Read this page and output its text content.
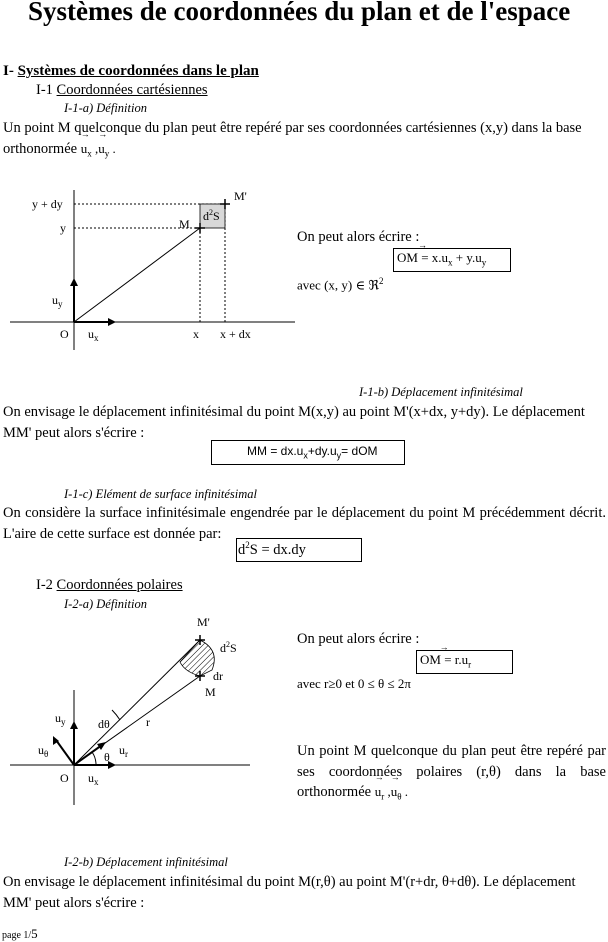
Systèmes de coordonnées du plan et de l'espace
I- Systèmes de coordonnées dans le plan
I-1 Coordonnées cartésiennes
I-1-a) Définition
Un point M quelconque du plan peut être repéré par ses coordonnées cartésiennes (x,y) dans la base
orthonormée → $u_x$ ,→ $u_y$ .
y + dy
y
$u_y$
O $u_x$	x x + dx
M
M'
$d^2S$
On peut alors écrire :
→ OM = $x.u_x + y.u_y$
avec (x, y) ∈ ℜ$^2$
I-1-b) Déplacement infinitésimal
On envisage le déplacement infinitésimal du point M(x,y) au point M'(x+dx, y+dy). Le déplacement
MM' peut alors s'écrire :
MM = $dx.u_x+dy.u_y=$ dOM
I-1-c) Elément de surface infinitésimal
On considère la surface infinitésimale engendrée par le déplacement du point M précédemment décrit. L'aire de cette surface est donnée par:
$d^2S = dx.dy$
I-2 Coordonnées polaires
I-2-a) Définition
M'
$d^2S$
dr
M
r
dθ
$u_y$
$u_\theta$	θ $u_r$
O $u_x$
On peut alors écrire :
→ OM = $r.u_r$
avec r≥0 et 0 ≤ θ ≤ 2π
Un point M quelconque du plan peut être repéré par ses coordonnées polaires (r,θ) dans la base orthonormée → $u_r$ ,→ $u_\theta$ .
I-2-b) Déplacement infinitésimal
On envisage le déplacement infinitésimal du point M(r,θ) au point M'(r+dr, θ+dθ). Le déplacement
MM' peut alors s'écrire :
page 1/5
